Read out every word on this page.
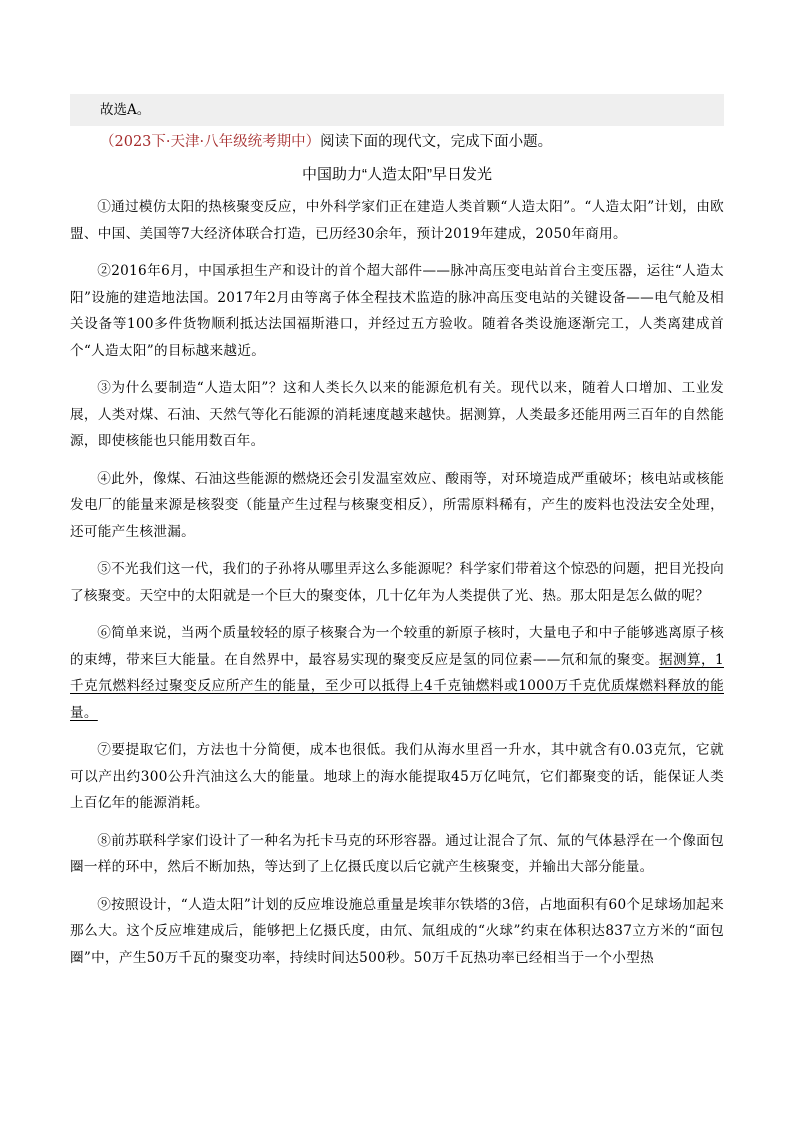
故选A。
（2023下·天津·八年级统考期中）阅读下面的现代文，完成下面小题。
中国助力“人造太阳”早日发光

①通过模仿太阳的热核聚变反应，中外科学家们正在建造人类首颗“人造太阳”。“人造太阳”计划，由欧盟、中国、美国等7大经济体联合打造，已历经30余年，预计2019年建成，2050年商用。

②2016年6月，中国承担生产和设计的首个超大部件——脉冲高压变电站首台主变压器，运往“人造太阳”设施的建造地法国。2017年2月由等离子体全程技术监造的脉冲高压变电站的关键设备——电气舱及相关设备等100多件货物顺利抵达法国福斯港口，并经过五方验收。随着各类设施逐渐完工，人类离建成首个“人造太阳”的目标越来越近。

③为什么要制造“人造太阳”？这和人类长久以来的能源危机有关。现代以来，随着人口增加、工业发展，人类对煤、石油、天然气等化石能源的消耗速度越来越快。据测算，人类最多还能用两三百年的自然能源，即使核能也只能用数百年。

④此外，像煤、石油这些能源的燃烧还会引发温室效应、酸雨等，对环境造成严重破坏；核电站或核能发电厂的能量来源是核裂变（能量产生过程与核聚变相反），所需原料稀有，产生的废料也没法安全处理，还可能产生核泄漏。

⑤不光我们这一代，我们的子孙将从哪里弄这么多能源呢？科学家们带着这个惊恐的问题，把目光投向了核聚变。天空中的太阳就是一个巨大的聚变体，几十亿年为人类提供了光、热。那太阳是怎么做的呢？

⑥简单来说，当两个质量较轻的原子核聚合为一个较重的新原子核时，大量电子和中子能够逃离原子核的束缚，带来巨大能量。在自然界中，最容易实现的聚变反应是氢的同位素——氘和氚的聚变。据测算，1千克氘燃料经过聚变反应所产生的能量，至少可以抵得上4千克铀燃料或1000万千克优质煤燃料释放的能量。

⑦要提取它们，方法也十分简便，成本也很低。我们从海水里舀一升水，其中就含有0.03克氘，它就可以产出约300公升汽油这么大的能量。地球上的海水能提取45万亿吨氘，它们都聚变的话，能保证人类上百亿年的能源消耗。

⑧前苏联科学家们设计了一种名为托卡马克的环形容器。通过让混合了氘、氚的气体悬浮在一个像面包圈一样的环中，然后不断加热，等达到了上亿摄氏度以后它就产生核聚变，并输出大部分能量。

⑨按照设计，“人造太阳”计划的反应堆设施总重量是埃菲尔铁塔的3倍，占地面积有60个足球场加起来那么大。这个反应堆建成后，能够把上亿摄氏度，由氘、氚组成的“火球”约束在体积达837立方米的“面包圈”中，产生50万千瓦的聚变功率，持续时间达500秒。50万千瓦热功率已经相当于一个小型热
